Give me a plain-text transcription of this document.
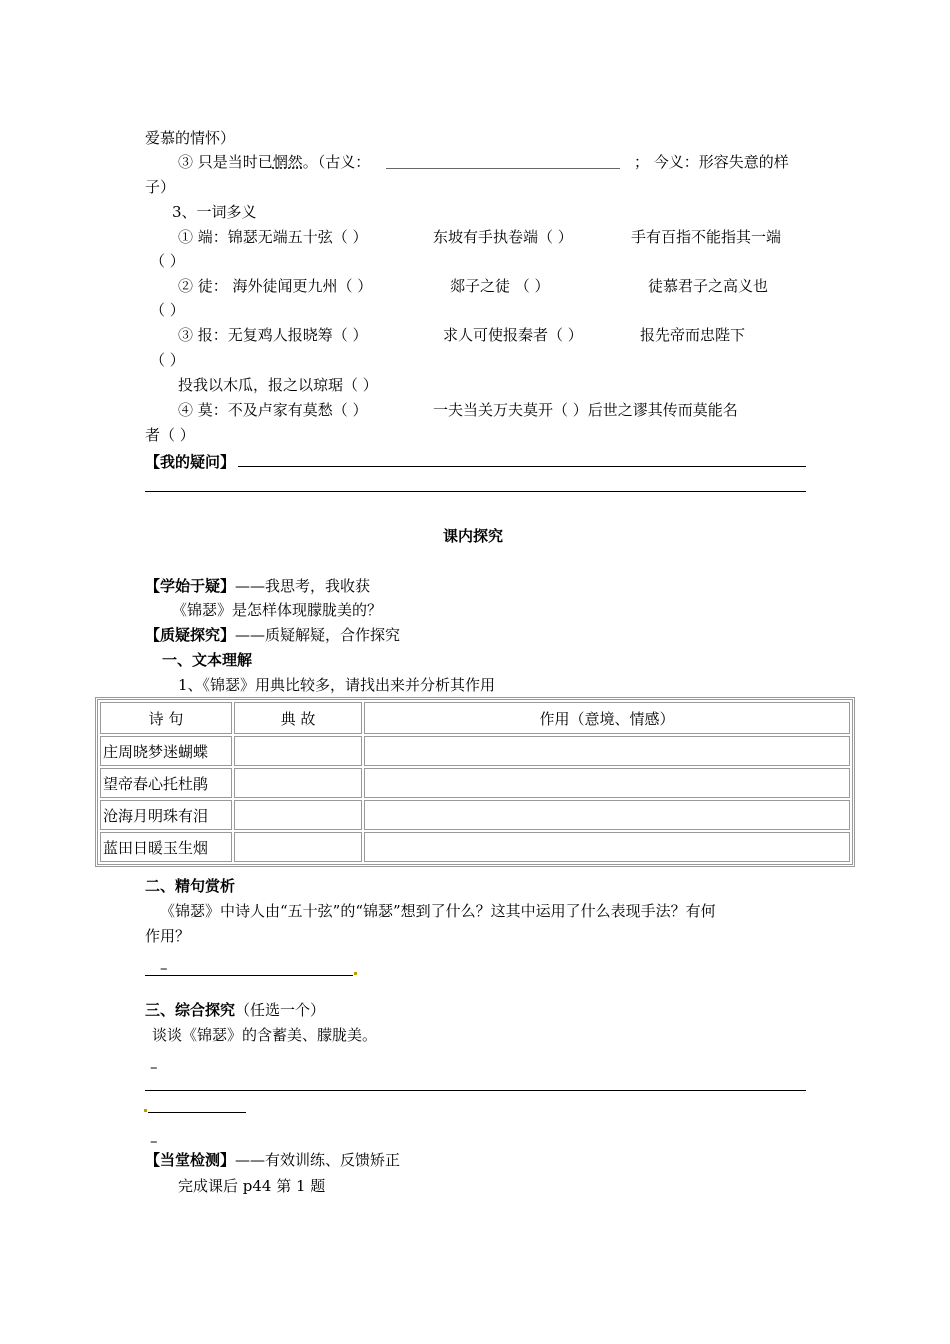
爱慕的情怀）
③ 只是当时已惘然。（古义：	； 今义：形容失意的样
子）
3、一词多义
① 端：锦瑟无端五十弦（ ）	东坡有手执卷端（ ）	手有百指不能指其一端
（ ）
② 徒： 海外徒闻更九州（ ）	郯子之徒 （ ）	徒慕君子之高义也
（ ）
③ 报：无复鸡人报晓筹（ ）	求人可使报秦者（ ）	报先帝而忠陛下
（ ）
投我以木瓜，报之以琼琚（ ）
④ 莫：不及卢家有莫愁（ ）	一夫当关万夫莫开（ ）后世之谬其传而莫能名
者（ ）
【我的疑问】
课内探究
【学始于疑】——我思考，我收获
《锦瑟》是怎样体现朦胧美的？
【质疑探究】——质疑解疑，合作探究
一、文本理解
1、《锦瑟》用典比较多，请找出来并分析其作用
诗 句	典 故	作用（意境、情感）
庄周晓梦迷蝴蝶		
望帝春心托杜鹃		
沧海月明珠有泪		
蓝田日暖玉生烟		
二、精句赏析
《锦瑟》中诗人由“五十弦”的“锦瑟”想到了什么？这其中运用了什么表现手法？有何
作用？
–
三、综合探究（任选一个）
谈谈《锦瑟》的含蓄美、朦胧美。
–
–
【当堂检测】——有效训练、反馈矫正
完成课后 p44 第 1 题
